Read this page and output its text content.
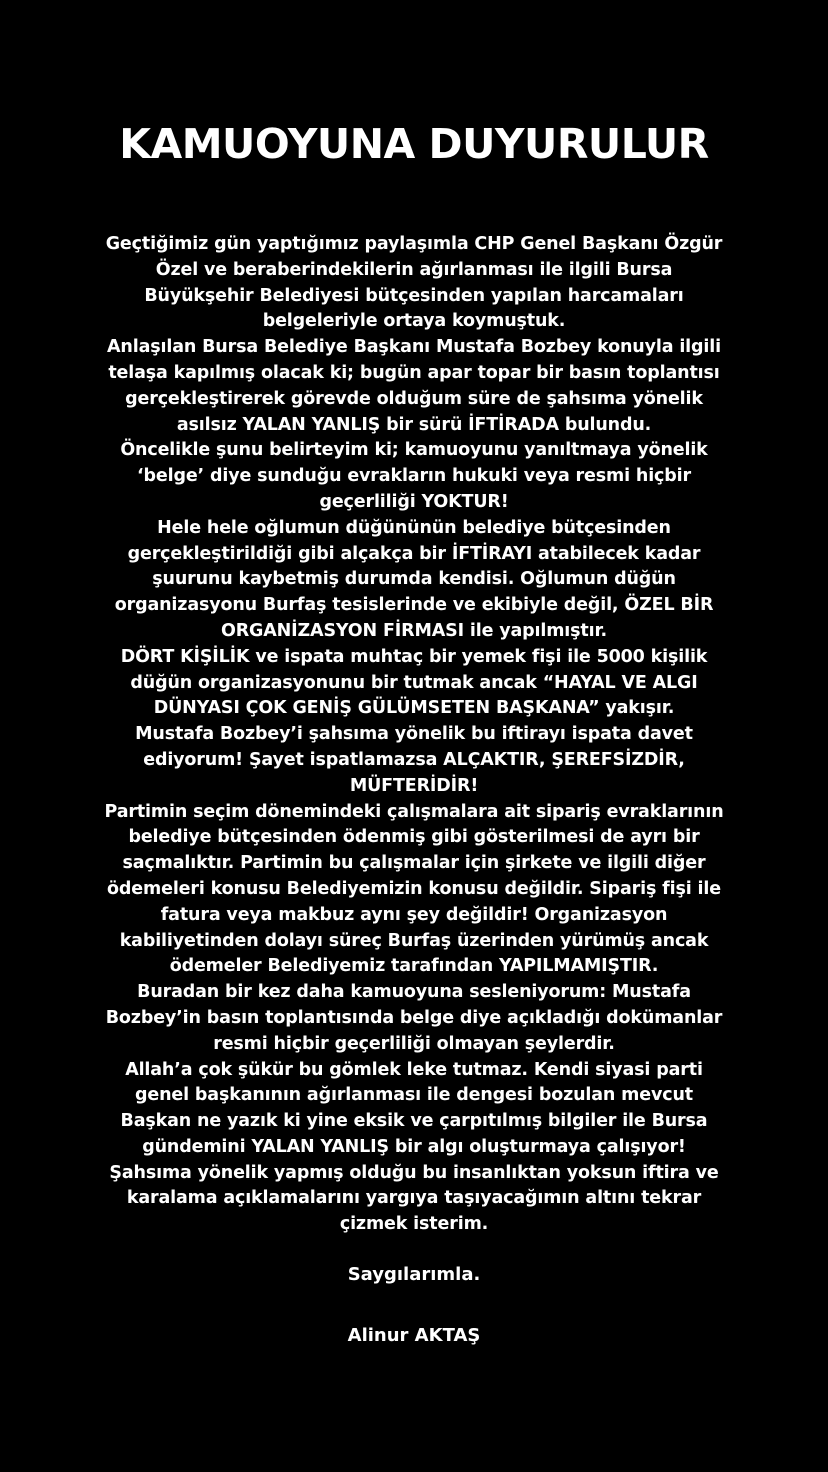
KAMUOYUNA DUYURULUR
Geçtiğimiz gün yaptığımız paylaşımla CHP Genel Başkanı Özgür
Özel ve beraberindekilerin ağırlanması ile ilgili Bursa
Büyükşehir Belediyesi bütçesinden yapılan harcamaları
belgeleriyle ortaya koymuştuk.
Anlaşılan Bursa Belediye Başkanı Mustafa Bozbey konuyla ilgili
telaşa kapılmış olacak ki; bugün apar topar bir basın toplantısı
gerçekleştirerek görevde olduğum süre de şahsıma yönelik
asılsız YALAN YANLIŞ bir sürü İFTİRADA bulundu.
Öncelikle şunu belirteyim ki; kamuoyunu yanıltmaya yönelik
‘belge’ diye sunduğu evrakların hukuki veya resmi hiçbir
geçerliliği YOKTUR!
Hele hele oğlumun düğününün belediye bütçesinden
gerçekleştirildiği gibi alçakça bir İFTİRAYI atabilecek kadar
şuurunu kaybetmiş durumda kendisi. Oğlumun düğün
organizasyonu Burfaş tesislerinde ve ekibiyle değil, ÖZEL BİR
ORGANİZASYON FİRMASI ile yapılmıştır.
DÖRT KİŞİLİK ve ispata muhtaç bir yemek fişi ile 5000 kişilik
düğün organizasyonunu bir tutmak ancak “HAYAL VE ALGI
DÜNYASI ÇOK GENİŞ GÜLÜMSETEN BAŞKANA” yakışır.
Mustafa Bozbey’i şahsıma yönelik bu iftirayı ispata davet
ediyorum! Şayet ispatlamazsa ALÇAKTIR, ŞEREFSİZDİR,
MÜFTERİDİR!
Partimin seçim dönemindeki çalışmalara ait sipariş evraklarının
belediye bütçesinden ödenmiş gibi gösterilmesi de ayrı bir
saçmalıktır. Partimin bu çalışmalar için şirkete ve ilgili diğer
ödemeleri konusu Belediyemizin konusu değildir. Sipariş fişi ile
fatura veya makbuz aynı şey değildir! Organizasyon
kabiliyetinden dolayı süreç Burfaş üzerinden yürümüş ancak
ödemeler Belediyemiz tarafından YAPILMAMIŞTIR.
Buradan bir kez daha kamuoyuna sesleniyorum: Mustafa
Bozbey’in basın toplantısında belge diye açıkladığı dokümanlar
resmi hiçbir geçerliliği olmayan şeylerdir.
Allah’a çok şükür bu gömlek leke tutmaz. Kendi siyasi parti
genel başkanının ağırlanması ile dengesi bozulan mevcut
Başkan ne yazık ki yine eksik ve çarpıtılmış bilgiler ile Bursa
gündemini YALAN YANLIŞ bir algı oluşturmaya çalışıyor!
Şahsıma yönelik yapmış olduğu bu insanlıktan yoksun iftira ve
karalama açıklamalarını yargıya taşıyacağımın altını tekrar
çizmek isterim.
Saygılarımla.
Alinur AKTAŞ
